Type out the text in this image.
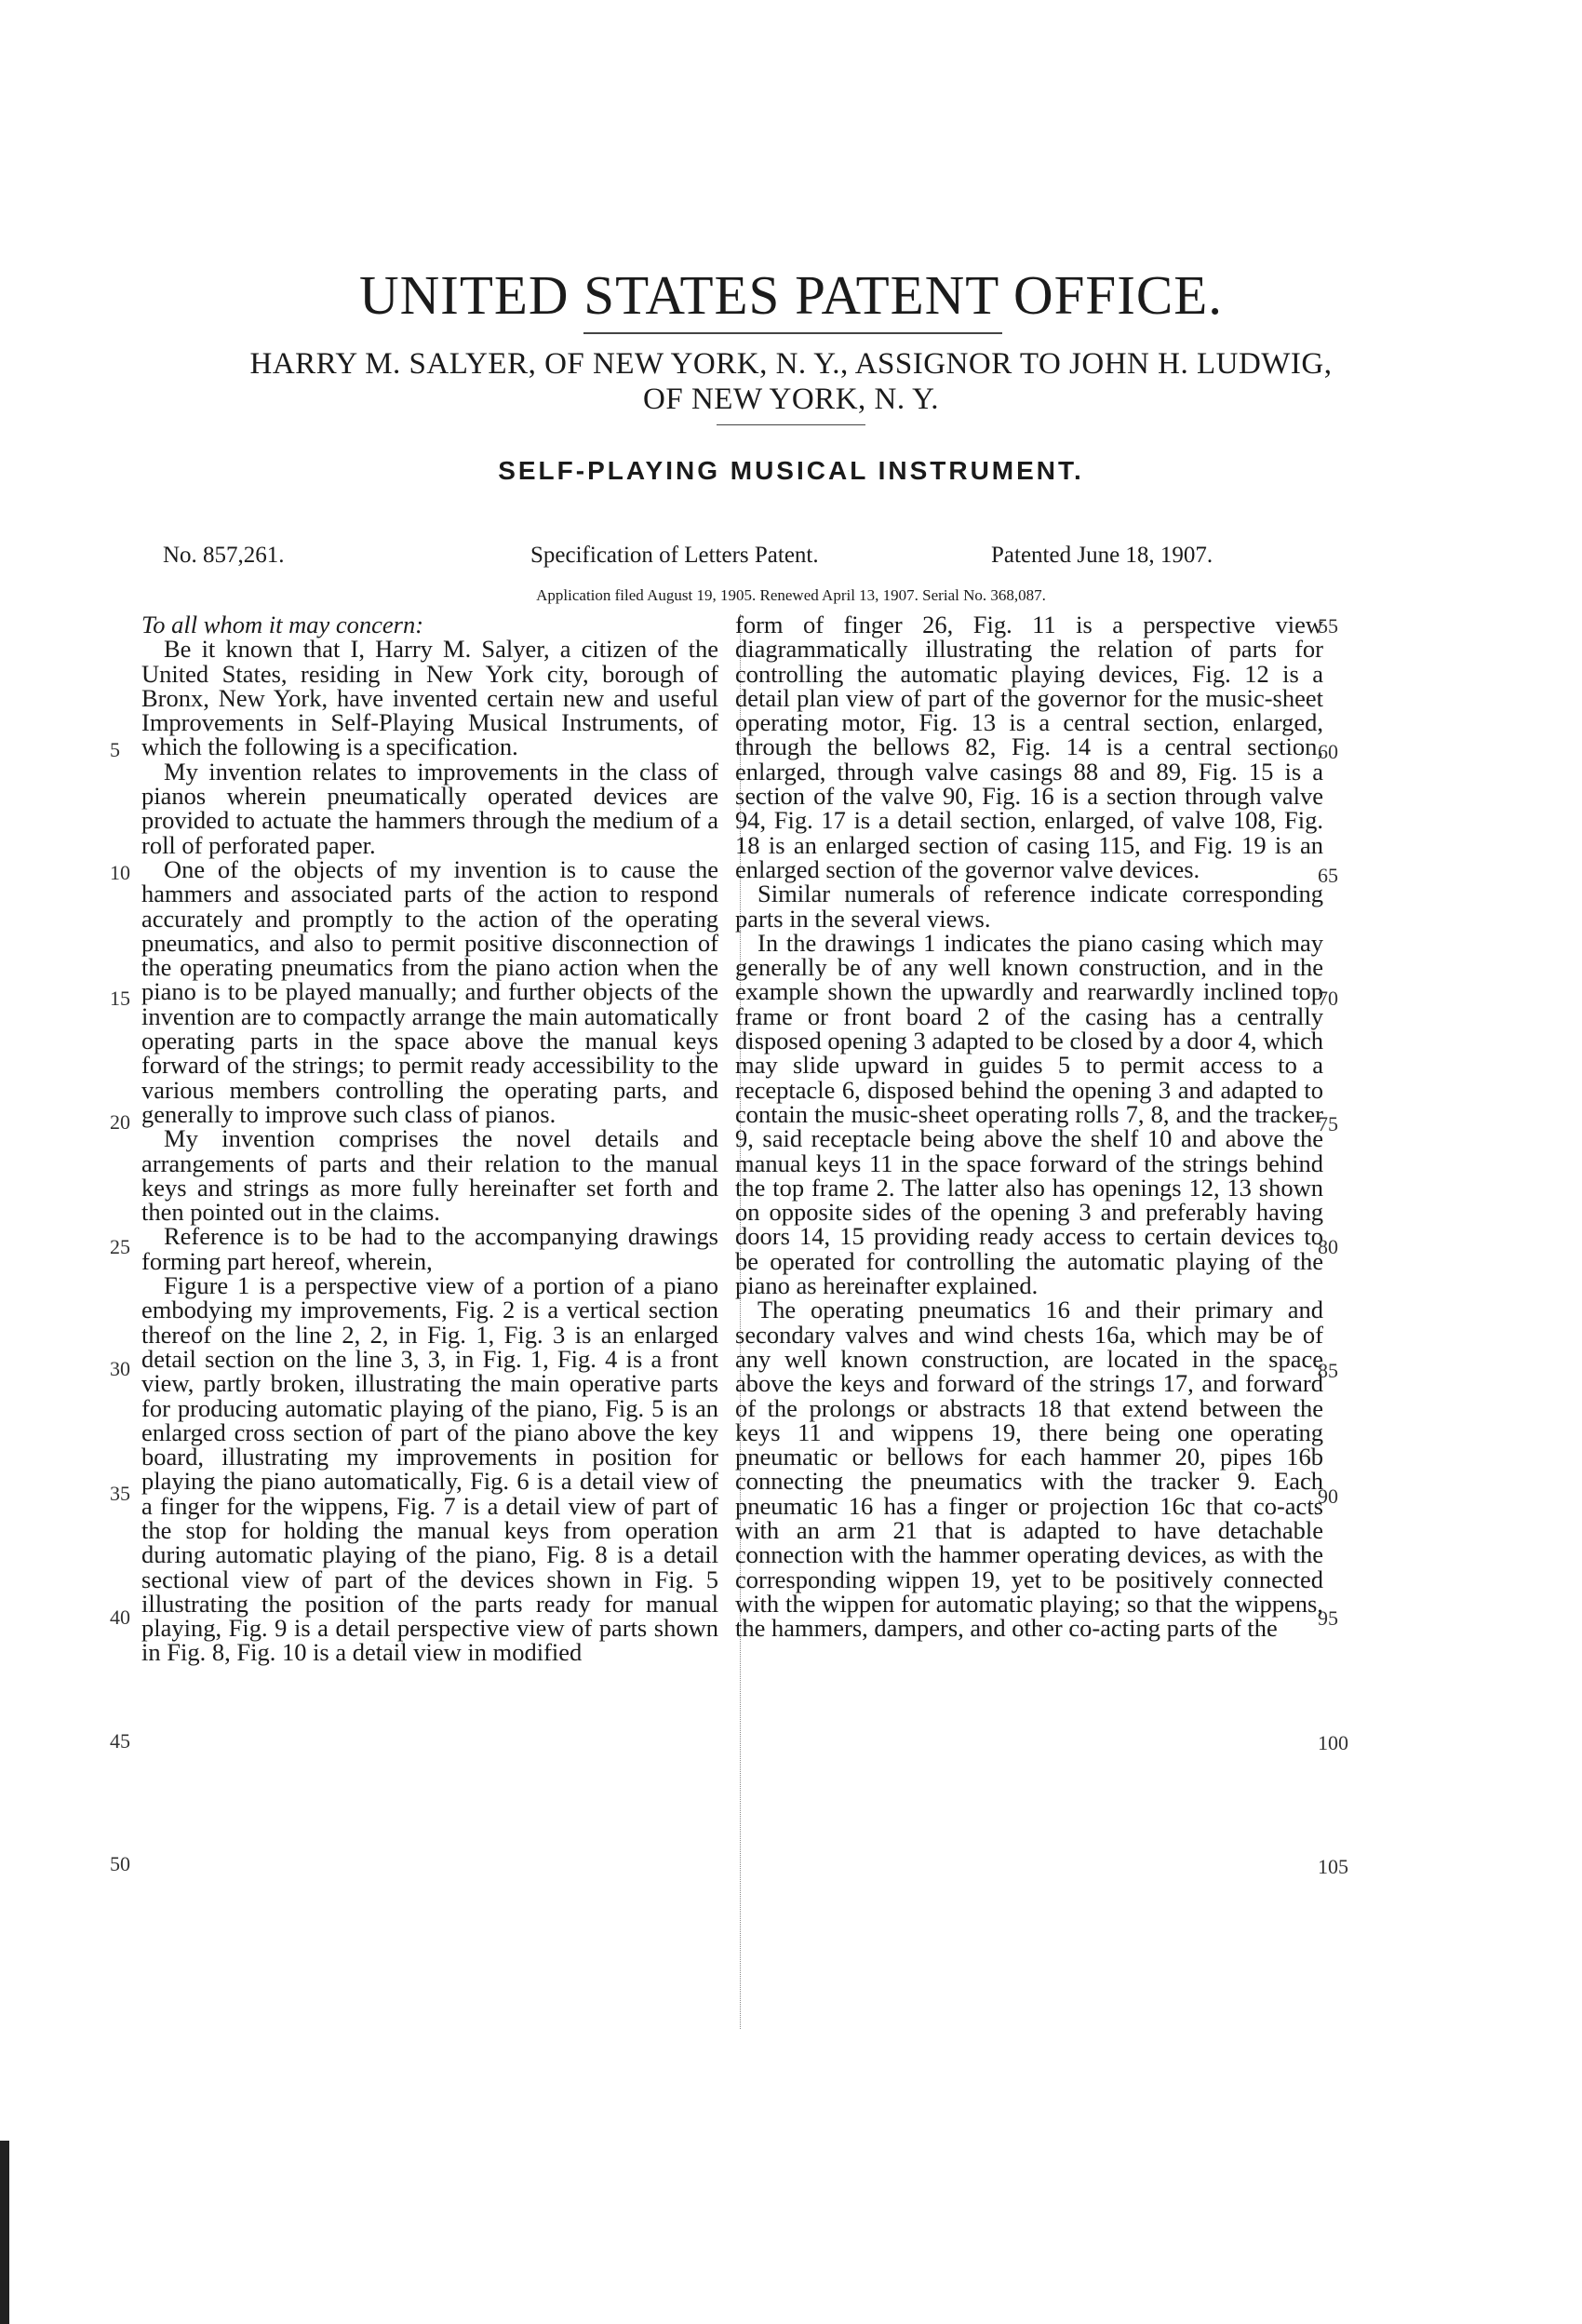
UNITED STATES PATENT OFFICE.
HARRY M. SALYER, OF NEW YORK, N. Y., ASSIGNOR TO JOHN H. LUDWIG,
OF NEW YORK, N. Y.
SELF-PLAYING MUSICAL INSTRUMENT.
No. 857,261.	Specification of Letters Patent.	Patented June 18, 1907.
Application filed August 19, 1905. Renewed April 13, 1907. Serial No. 368,087.

To all whom it may concern:

Be it known that I, Harry M. Salyer, a citizen of the United States, residing in New York city, borough of Bronx, New York, have invented certain new and useful Improvements in Self-Playing Musical Instruments, of which the following is a specification.

My invention relates to improvements in the class of pianos wherein pneumatically operated devices are provided to actuate the hammers through the medium of a roll of perforated paper.

One of the objects of my invention is to cause the hammers and associated parts of the action to respond accurately and promptly to the action of the operating pneumatics, and also to permit positive disconnection of the operating pneumatics from the piano action when the piano is to be played manually; and further objects of the invention are to compactly arrange the main automatically operating parts in the space above the manual keys forward of the strings; to permit ready accessibility to the various members controlling the operating parts, and generally to improve such class of pianos.

My invention comprises the novel details and arrangements of parts and their relation to the manual keys and strings as more fully hereinafter set forth and then pointed out in the claims.

Reference is to be had to the accompanying drawings forming part hereof, wherein,

Figure 1 is a perspective view of a portion of a piano embodying my improvements, Fig. 2 is a vertical section thereof on the line 2, 2, in Fig. 1, Fig. 3 is an enlarged detail section on the line 3, 3, in Fig. 1, Fig. 4 is a front view, partly broken, illustrating the main operative parts for producing automatic playing of the piano, Fig. 5 is an enlarged cross section of part of the piano above the key board, illustrating my improvements in position for playing the piano automatically, Fig. 6 is a detail view of a finger for the wippens, Fig. 7 is a detail view of part of the stop for holding the manual keys from operation during automatic playing of the piano, Fig. 8 is a detail sectional view of part of the devices shown in Fig. 5 illustrating the position of the parts ready for manual playing, Fig. 9 is a detail perspective view of parts shown in Fig. 8, Fig. 10 is a detail view in modified

form of finger 26, Fig. 11 is a perspective view diagrammatically illustrating the relation of parts for controlling the automatic playing devices, Fig. 12 is a detail plan view of part of the governor for the music-sheet operating motor, Fig. 13 is a central section, enlarged, through the bellows 82, Fig. 14 is a central section, enlarged, through valve casings 88 and 89, Fig. 15 is a section of the valve 90, Fig. 16 is a section through valve 94, Fig. 17 is a detail section, enlarged, of valve 108, Fig. 18 is an enlarged section of casing 115, and Fig. 19 is an enlarged section of the governor valve devices.

Similar numerals of reference indicate corresponding parts in the several views.

In the drawings 1 indicates the piano casing which may generally be of any well known construction, and in the example shown the upwardly and rearwardly inclined top frame or front board 2 of the casing has a centrally disposed opening 3 adapted to be closed by a door 4, which may slide upward in guides 5 to permit access to a receptacle 6, disposed behind the opening 3 and adapted to contain the music-sheet operating rolls 7, 8, and the tracker 9, said receptacle being above the shelf 10 and above the manual keys 11 in the space forward of the strings behind the top frame 2. The latter also has openings 12, 13 shown on opposite sides of the opening 3 and preferably having doors 14, 15 providing ready access to certain devices to be operated for controlling the automatic playing of the piano as hereinafter explained.

The operating pneumatics 16 and their primary and secondary valves and wind chests 16a, which may be of any well known construction, are located in the space above the keys and forward of the strings 17, and forward of the prolongs or abstracts 18 that extend between the keys 11 and wippens 19, there being one operating pneumatic or bellows for each hammer 20, pipes 16b connecting the pneumatics with the tracker 9. Each pneumatic 16 has a finger or projection 16c that co-acts with an arm 21 that is adapted to have detachable connection with the hammer operating devices, as with the corresponding wippen 19, yet to be positively connected with the wippen for automatic playing; so that the wippens, the hammers, dampers, and other co-acting parts of the

5
10
15
20
25
30
35
40
45
50
55
60
65
70
75
80
85
90
95
100
105
